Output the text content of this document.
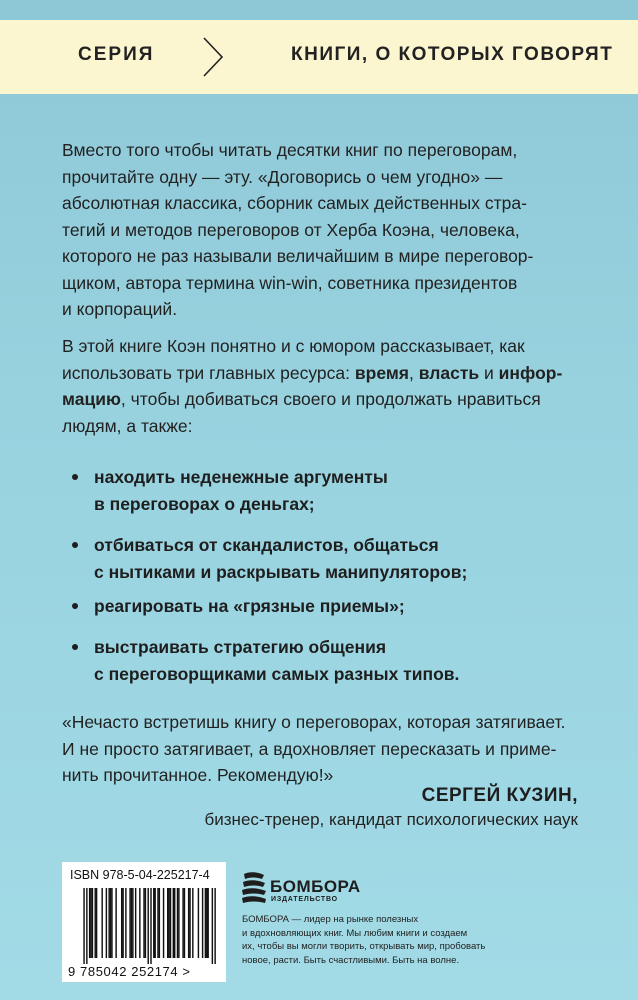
СЕРИЯ	КНИГИ, О КОТОРЫХ ГОВОРЯТ
Вместо того чтобы читать десятки книг по переговорам,
прочитайте одну — эту. «Договорись о чем угодно» —
абсолютная классика, сборник самых действенных стра-
тегий и методов переговоров от Херба Коэна, человека,
которого не раз называли величайшим в мире переговор-
щиком, автора термина win-win, советника президентов
и корпораций.
В этой книге Коэн понятно и с юмором рассказывает, как
использовать три главных ресурса: время, власть и инфор-
мацию, чтобы добиваться своего и продолжать нравиться
людям, а также:
находить неденежные аргументы
в переговорах о деньгах;
отбиваться от скандалистов, общаться
с нытиками и раскрывать манипуляторов;
реагировать на «грязные приемы»;
выстраивать стратегию общения
с переговорщиками самых разных типов.
«Нечасто встретишь книгу о переговорах, которая затягивает.
И не просто затягивает, а вдохновляет пересказать и приме-
нить прочитанное. Рекомендую!»
СЕРГЕЙ КУЗИН,
бизнес-тренер, кандидат психологических наук
ISBN 978-5-04-225217-4
9 785042 252174 >
БОМБОРА
ИЗДАТЕЛЬСТВО
БОМБОРА — лидер на рынке полезных
и вдохновляющих книг. Мы любим книги и создаем
их, чтобы вы могли творить, открывать мир, пробовать
новое, расти. Быть счастливыми. Быть на волне.
